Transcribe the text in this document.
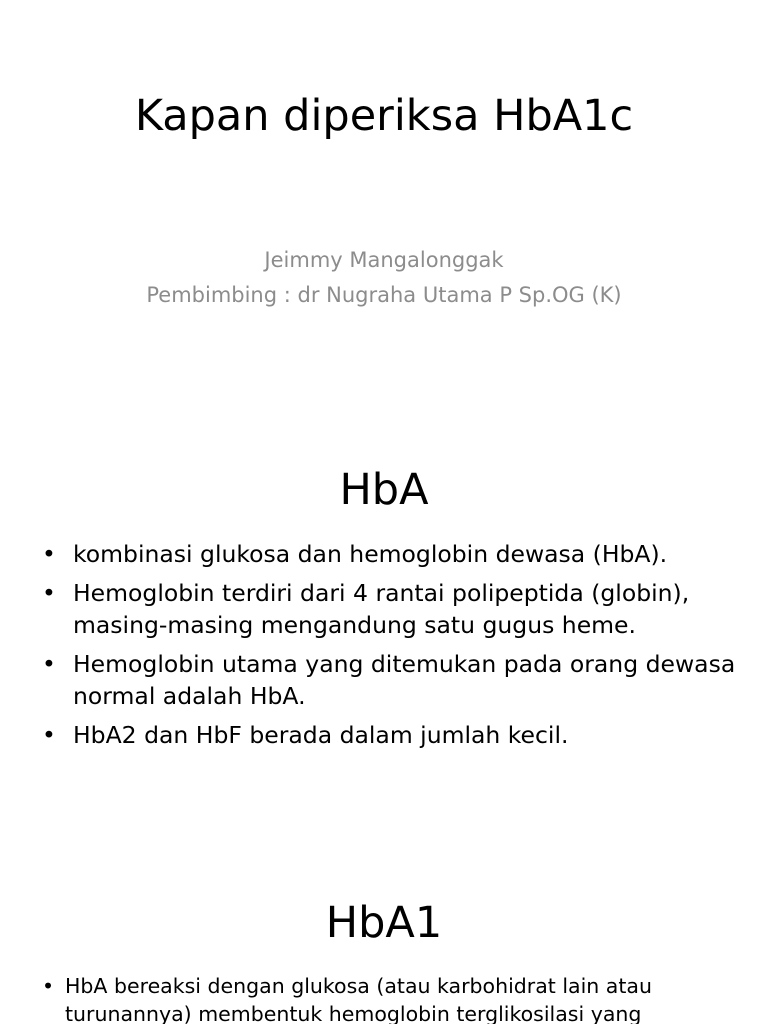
Kapan diperiksa HbA1c

Jeimmy Mangalonggak

Pembimbing : dr Nugraha Utama P Sp.OG (K)

HbA
• kombinasi glukosa dan hemoglobin dewasa (HbA).
• Hemoglobin terdiri dari 4 rantai polipeptida (globin), masing-masing mengandung satu gugus heme.
• Hemoglobin utama yang ditemukan pada orang dewasa normal adalah HbA.
• HbA2 dan HbF berada dalam jumlah kecil.
HbA1
• HbA bereaksi dengan glukosa (atau karbohidrat lain atau turunannya) membentuk hemoglobin terglikosilasi yang
